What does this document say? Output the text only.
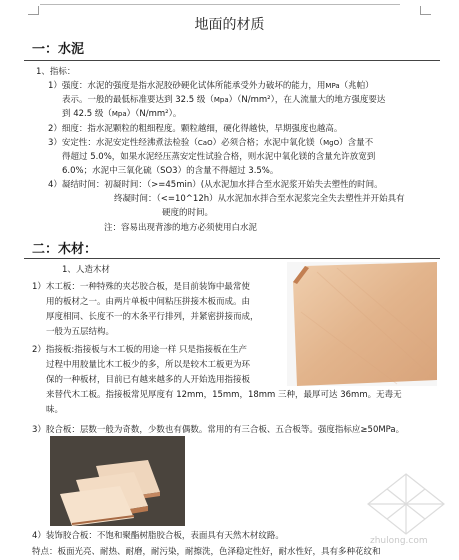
地面的材质
一：水泥
1、指标：
1）强度：水泥的强度是指水泥胶砂硬化试体所能承受外力破坏的能力，用MPa（兆帕）
表示。一般的最低标准要达到 32.5 级（Mpa）（N/mm²），在人流量大的地方强度要达
到 42.5 级（Mpa）（N/mm²）。
2）细度：指水泥颗粒的粗细程度。颗粒越细，硬化得越快，早期强度也越高。
3）安定性：水泥安定性经沸煮法检验（CaO）必须合格；水泥中氧化镁（MgO）含量不
得超过 5.0%，如果水泥经压蒸安定性试验合格，则水泥中氧化镁的含量允许放宽到
6.0%；水泥中三氧化硫（SO3）的含量不得超过 3.5%。
4）凝结时间：初凝时间：（>=45min）(从水泥加水拌合至水泥浆开始失去塑性的时间。
终凝时间：（<=10^12h）从水泥加水拌合至水泥浆完全失去塑性并开始具有
硬度的时间。
注：容易出现背渗的地方必须使用白水泥
二：木材：
1、人造木材
1）木工板：一种特殊的夹芯胶合板，是目前装饰中最常使
用的板材之一。由两片单板中间粘压拼接木板而成。由
厚度相同、长度不一的木条平行排列，并紧密拼接而成，
一般为五层结构。
2）指接板:指接板与木工板的用途一样 只是指接板在生产
过程中用胶量比木工板少的多，所以是较木工板更为环
保的一种板材，目前已有越来越多的人开始选用指接板
来替代木工板。指接板常见厚度有 12mm，15mm，18mm 三种，最厚可达 36mm。无毒无
味。
3）胶合板：层数一般为奇数，少数也有偶数。常用的有三合板、五合板等。强度指标应≥50MPa。
4）装饰胶合板：不饱和聚酯树脂胶合板，表面具有天然木材纹路。
特点：板面光亮、耐热、耐磨，耐污染，耐擦洗，色泽稳定性好，耐水性好，具有多种花纹和
zhulong.com
